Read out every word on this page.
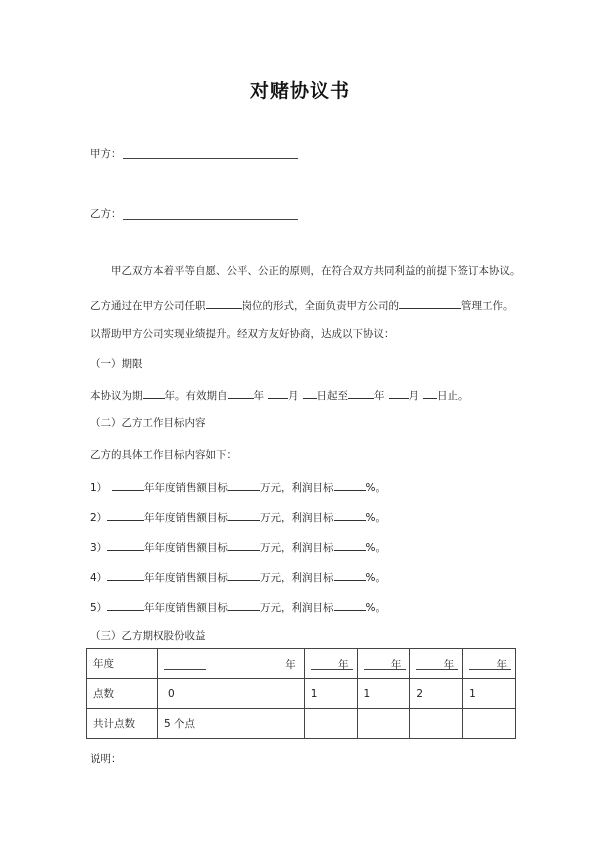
对赌协议书
甲方：
乙方：
甲乙双方本着平等自愿、公平、公正的原则，在符合双方共同利益的前提下签订本协议。
乙方通过在甲方公司任职	岗位的形式，全面负责甲方公司的	管理工作。
以帮助甲方公司实现业绩提升。经双方友好协商，达成以下协议：
（一）期限
本协议为期 年。有效期自 年 月 日起至 年 月 日止。
（二）乙方工作目标内容
乙方的具体工作目标内容如下：
1）	年年度销售额目标	万元，利润目标	%。
2）	年年度销售额目标	万元，利润目标	%。
3）	年年度销售额目标	万元，利润目标	%。
4）	年年度销售额目标	万元，利润目标	%。
5）	年年度销售额目标	万元，利润目标	%。
（三）乙方期权股份收益
年度	年	年	年	年	年

点数	0	1	1	2	1
共计点数	5 个点				
说明：
